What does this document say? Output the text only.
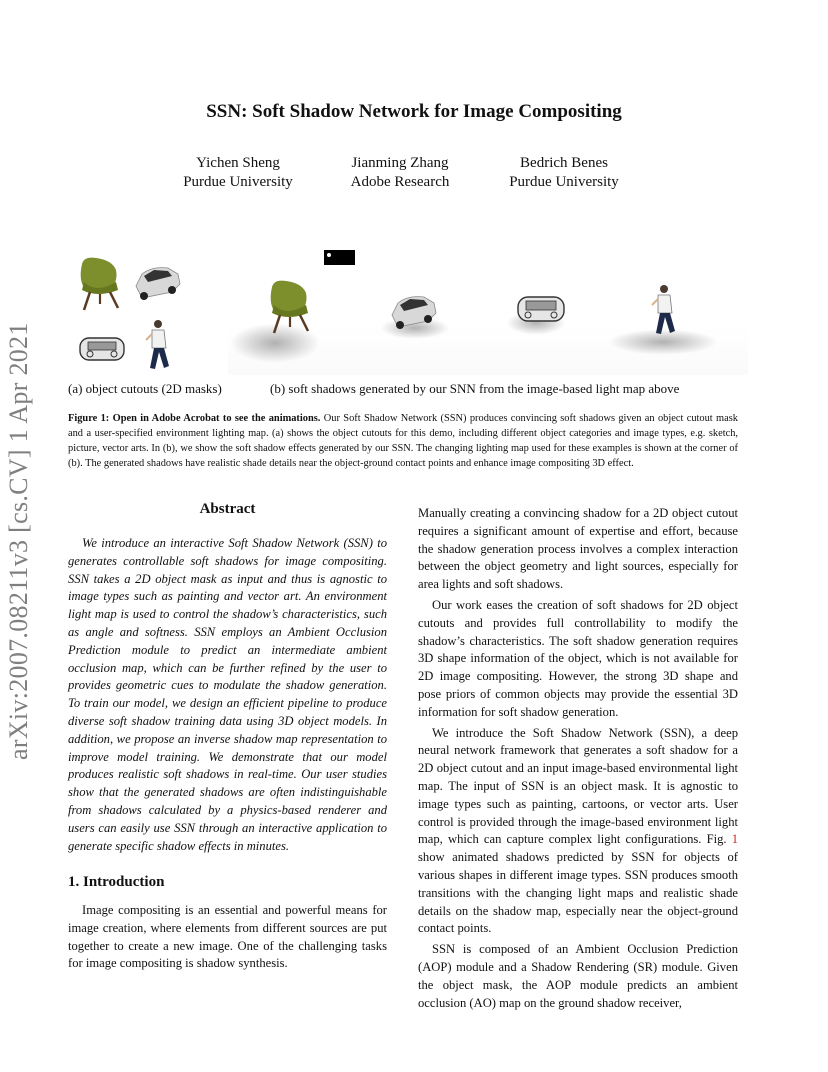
SSN: Soft Shadow Network for Image Compositing
Yichen Sheng
Purdue University
Jianming Zhang
Adobe Research
Bedrich Benes
Purdue University
arXiv:2007.08211v3 [cs.CV] 1 Apr 2021	(a) object cutouts (2D masks)	(b) soft shadows generated by our SNN from the image-based light map above
Figure 1: Open in Adobe Acrobat to see the animations. Our Soft Shadow Network (SSN) produces convincing soft shadows given an object cutout mask and a user-specified environment lighting map. (a) shows the object cutouts for this demo, including different object categories and image types, e.g. sketch, picture, vector arts. In (b), we show the soft shadow effects generated by our SSN. The changing lighting map used for these examples is shown at the corner of (b). The generated shadows have realistic shade details near the object-ground contact points and enhance image compositing 3D effect.
Abstract

We introduce an interactive Soft Shadow Network (SSN) to generates controllable soft shadows for image compositing. SSN takes a 2D object mask as input and thus is agnostic to image types such as painting and vector art. An environment light map is used to control the shadow’s characteristics, such as angle and softness. SSN employs an Ambient Occlusion Prediction module to predict an intermediate ambient occlusion map, which can be further refined by the user to provides geometric cues to modulate the shadow generation. To train our model, we design an efficient pipeline to produce diverse soft shadow training data using 3D object models. In addition, we propose an inverse shadow map representation to improve model training. We demonstrate that our model produces realistic soft shadows in real-time. Our user studies show that the generated shadows are often indistinguishable from shadows calculated by a physics-based renderer and users can easily use SSN through an interactive application to generate specific shadow effects in minutes.

1. Introduction

Image compositing is an essential and powerful means for image creation, where elements from different sources are put together to create a new image. One of the challenging tasks for image compositing is shadow synthesis.

Manually creating a convincing shadow for a 2D object cutout requires a significant amount of expertise and effort, because the shadow generation process involves a complex interaction between the object geometry and light sources, especially for area lights and soft shadows.

Our work eases the creation of soft shadows for 2D object cutouts and provides full controllability to modify the shadow’s characteristics. The soft shadow generation requires 3D shape information of the object, which is not available for 2D image compositing. However, the strong 3D shape and pose priors of common objects may provide the essential 3D information for soft shadow generation.

We introduce the Soft Shadow Network (SSN), a deep neural network framework that generates a soft shadow for a 2D object cutout and an input image-based environmental light map. The input of SSN is an object mask. It is agnostic to image types such as painting, cartoons, or vector arts. User control is provided through the image-based environment light map, which can capture complex light configurations. Fig. 1 show animated shadows predicted by SSN for objects of various shapes in different image types. SSN produces smooth transitions with the changing light maps and realistic shade details on the shadow map, especially near the object-ground contact points.

SSN is composed of an Ambient Occlusion Prediction (AOP) module and a Shadow Rendering (SR) module. Given the object mask, the AOP module predicts an ambient occlusion (AO) map on the ground shadow receiver,
